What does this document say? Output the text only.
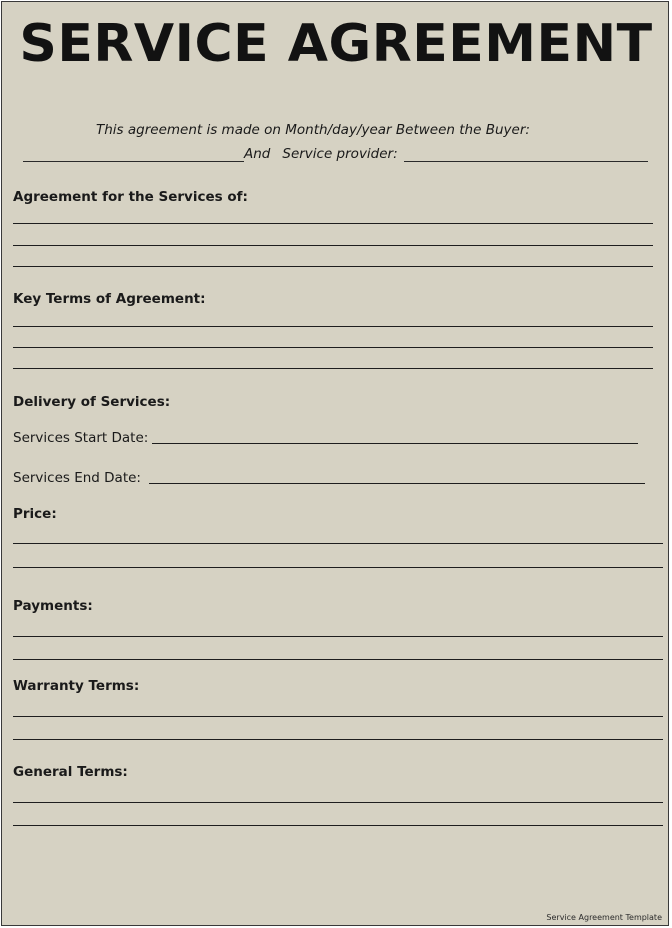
SERVICE AGREEMENT
This agreement is made on Month/day/year Between the Buyer:
And Service provider:
Agreement for the Services of:
Key Terms of Agreement:
Delivery of Services:
Services Start Date:
Services End Date:
Price:
Payments:
Warranty Terms:
General Terms:
Service Agreement Template
